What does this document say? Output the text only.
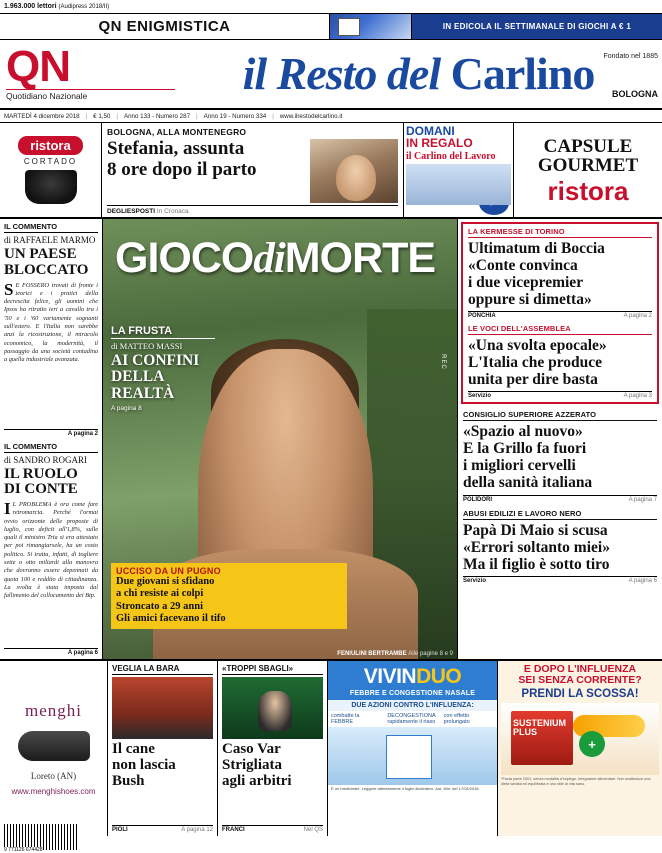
1.963.000 lettori (Audipress 2018/II)
QN ENIGMISTICA	IN EDICOLA IL SETTIMANALE DI GIOCHI A € 1
QN
Quotidiano Nazionale
Fondato nel 1885
il Resto del Carlino	BOLOGNA
MARTEDÌ 4 dicembre 2018 | € 1,50 | Anno 133 - Numero 287 | Anno 19 - Numero 334 | www.ilrestodelcarlino.it
ristora
CORTADO
BOLOGNA, ALLA MONTENEGRO
Stefania, assunta
8 ore dopo il parto
DEGLIESPOSTI In Cronaca
DOMANI
IN REGALO
il Carlino del Lavoro	CAPSULE
GOURMET
ristora
IL COMMENTO
di RAFFAELE MARMO
UN PAESE
BLOCCATO
S E FOSSERO trovati di fronte i teorici e i pratici della decrescita felice, gli uomini che Ipsos ha ritratto ieri a cavallo tra i '50 e i '60 variamente sognanti sull'estero. E l'Italia non sarebbe anzi la ricostruzione, il miracolo economico, la modernità, il passaggio da una società contadina a quella industriale avanzata.
A pagina 2
IL COMMENTO
di SANDRO ROGARI
IL RUOLO
DI CONTE
I L PROBLEMA è ora come fare retromarcia. Perché l'ormai ovvio orizzonte delle proposte di luglio, con deficit all'1,8%, sulle quali il ministro Tria si era attestato per poi rimangiarsele, ha un costo politico. Si tratta, infatti, di togliere sette o otto miliardi alla manovra che dovranno essere depennati da quota 100 e reddito di cittadinanza. La svolta è stata imposta dal fallimento del collocamento dei Btp.
A pagina 6
GIOCOdiMORTE
LA FRUSTA
di MATTEO MASSI
AI CONFINI
DELLA
REALTÀ
A pagina 8
REC
UCCISO DA UN PUGNO
Due giovani si sfidano
a chi resiste ai colpi
Stroncato a 29 anni
Gli amici facevano il tifo
FENIULINI BERTRAMBE Alle pagine 8 e 9
LA KERMESSE DI TORINO
Ultimatum di Boccia
«Conte convinca
i due vicepremier
oppure si dimetta»
PONCHIA	A pagina 2
LE VOCI DELL'ASSEMBLEA
«Una svolta epocale»
L'Italia che produce
unita per dire basta
Servizio	A pagina 3
CONSIGLIO SUPERIORE AZZERATO
«Spazio al nuovo»
E la Grillo fa fuori
i migliori cervelli
della sanità italiana
POLIDORI	A pagina 7
ABUSI EDILIZI E LAVORO NERO
Papà Di Maio si scusa
«Errori soltanto miei»
Ma il figlio è sotto tiro
Servizio	A pagina 6
menghi
Loreto (AN)
www.menghishoes.com
VEGLIA LA BARA
Il cane
non lascia
Bush
PIOLI	A pagina 12
«TROPPI SBAGLI»
Caso Var
Strigliata
agli arbitri
FRANCI	Nel QS
VIVINDUO
FEBBRE E CONGESTIONE NASALE
DUE AZIONI CONTRO L'INFLUENZA:
combatte la FEBBRE
DECONGESTIONA rapidamente il naso
con effetto prolungato
È un medicinale. Leggere attentamente il foglio illustrativo. Aut. Min. del 17/04/2018
E DOPO L'INFLUENZA
SEI SENZA CORRENTE?
PRENDI LA SCOSSA!
SUSTENIUM
PLUS
+
*Facta parte 2001, senza modalità d'impiego. Integratore alimentare. Non sostituisce una dieta variata ed equilibrata e uno stile di vita sano.
9 771126 674428
